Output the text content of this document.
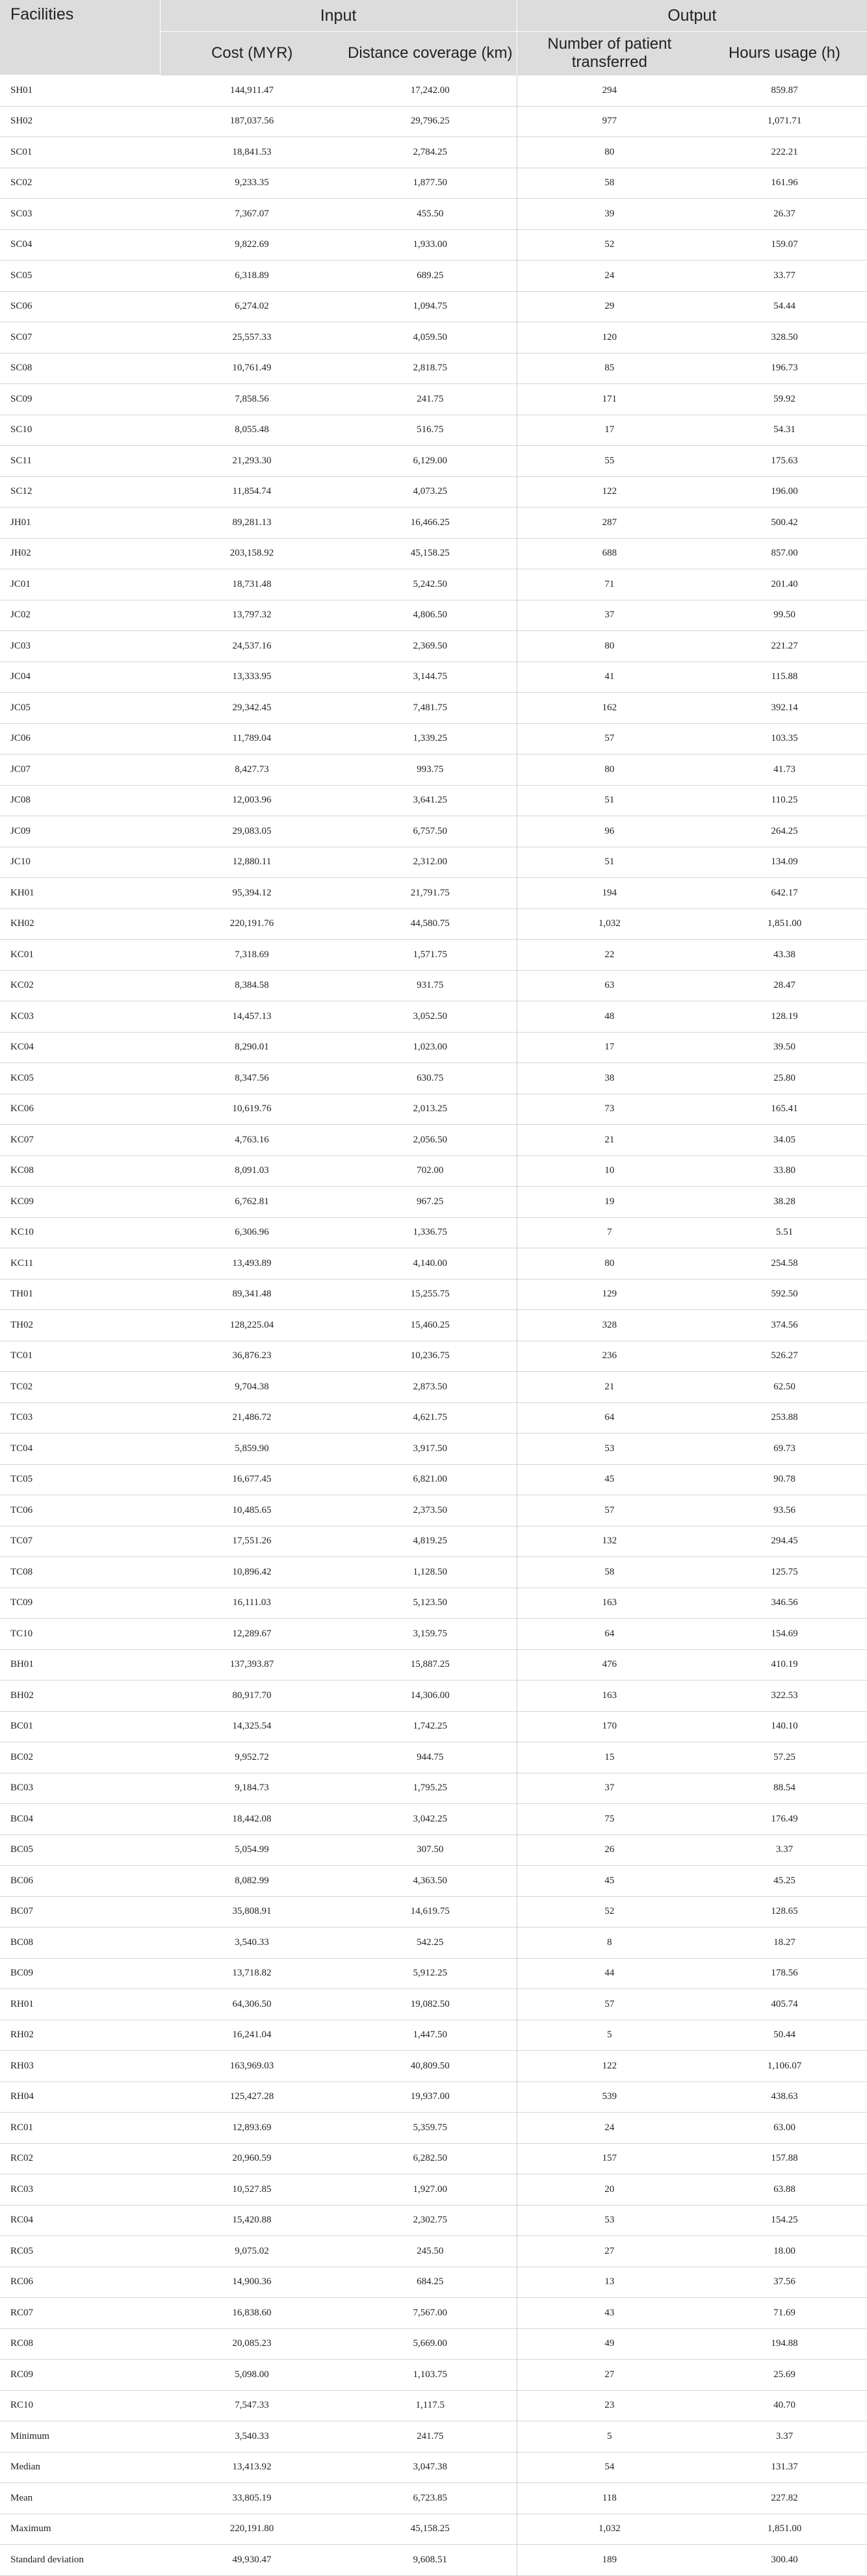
Facilities	Input		Output	
	Cost (MYR)	Distance coverage (km)	Number of patient transferred	Hours usage (h)
SH01	144,911.47	17,242.00	294	859.87
SH02	187,037.56	29,796.25	977	1,071.71
SC01	18,841.53	2,784.25	80	222.21
SC02	9,233.35	1,877.50	58	161.96
SC03	7,367.07	455.50	39	26.37
SC04	9,822.69	1,933.00	52	159.07
SC05	6,318.89	689.25	24	33.77
SC06	6,274.02	1,094.75	29	54.44
SC07	25,557.33	4,059.50	120	328.50
SC08	10,761.49	2,818.75	85	196.73
SC09	7,858.56	241.75	171	59.92
SC10	8,055.48	516.75	17	54.31
SC11	21,293.30	6,129.00	55	175.63
SC12	11,854.74	4,073.25	122	196.00
JH01	89,281.13	16,466.25	287	500.42
JH02	203,158.92	45,158.25	688	857.00
JC01	18,731.48	5,242.50	71	201.40
JC02	13,797.32	4,806.50	37	99.50
JC03	24,537.16	2,369.50	80	221.27
JC04	13,333.95	3,144.75	41	115.88
JC05	29,342.45	7,481.75	162	392.14
JC06	11,789.04	1,339.25	57	103.35
JC07	8,427.73	993.75	80	41.73
JC08	12,003.96	3,641.25	51	110.25
JC09	29,083.05	6,757.50	96	264.25
JC10	12,880.11	2,312.00	51	134.09
KH01	95,394.12	21,791.75	194	642.17
KH02	220,191.76	44,580.75	1,032	1,851.00
KC01	7,318.69	1,571.75	22	43.38
KC02	8,384.58	931.75	63	28.47
KC03	14,457.13	3,052.50	48	128.19
KC04	8,290.01	1,023.00	17	39.50
KC05	8,347.56	630.75	38	25.80
KC06	10,619.76	2,013.25	73	165.41
KC07	4,763.16	2,056.50	21	34.05
KC08	8,091.03	702.00	10	33.80
KC09	6,762.81	967.25	19	38.28
KC10	6,306.96	1,336.75	7	5.51
KC11	13,493.89	4,140.00	80	254.58
TH01	89,341.48	15,255.75	129	592.50
TH02	128,225.04	15,460.25	328	374.56
TC01	36,876.23	10,236.75	236	526.27
TC02	9,704.38	2,873.50	21	62.50
TC03	21,486.72	4,621.75	64	253.88
TC04	5,859.90	3,917.50	53	69.73
TC05	16,677.45	6,821.00	45	90.78
TC06	10,485.65	2,373.50	57	93.56
TC07	17,551.26	4,819.25	132	294.45
TC08	10,896.42	1,128.50	58	125.75
TC09	16,111.03	5,123.50	163	346.56
TC10	12,289.67	3,159.75	64	154.69
BH01	137,393.87	15,887.25	476	410.19
BH02	80,917.70	14,306.00	163	322.53
BC01	14,325.54	1,742.25	170	140.10
BC02	9,952.72	944.75	15	57.25
BC03	9,184.73	1,795.25	37	88.54
BC04	18,442.08	3,042.25	75	176.49
BC05	5,054.99	307.50	26	3.37
BC06	8,082.99	4,363.50	45	45.25
BC07	35,808.91	14,619.75	52	128.65
BC08	3,540.33	542.25	8	18.27
BC09	13,718.82	5,912.25	44	178.56
RH01	64,306.50	19,082.50	57	405.74
RH02	16,241.04	1,447.50	5	50.44
RH03	163,969.03	40,809.50	122	1,106.07
RH04	125,427.28	19,937.00	539	438.63
RC01	12,893.69	5,359.75	24	63.00
RC02	20,960.59	6,282.50	157	157.88
RC03	10,527.85	1,927.00	20	63.88
RC04	15,420.88	2,302.75	53	154.25
RC05	9,075.02	245.50	27	18.00
RC06	14,900.36	684.25	13	37.56
RC07	16,838.60	7,567.00	43	71.69
RC08	20,085.23	5,669.00	49	194.88
RC09	5,098.00	1,103.75	27	25.69
RC10	7,547.33	1,117.5	23	40.70
Minimum	3,540.33	241.75	5	3.37
Median	13,413.92	3,047.38	54	131.37
Mean	33,805.19	6,723.85	118	227.82
Maximum	220,191.80	45,158.25	1,032	1,851.00
Standard deviation	49,930.47	9,608.51	189	300.40
